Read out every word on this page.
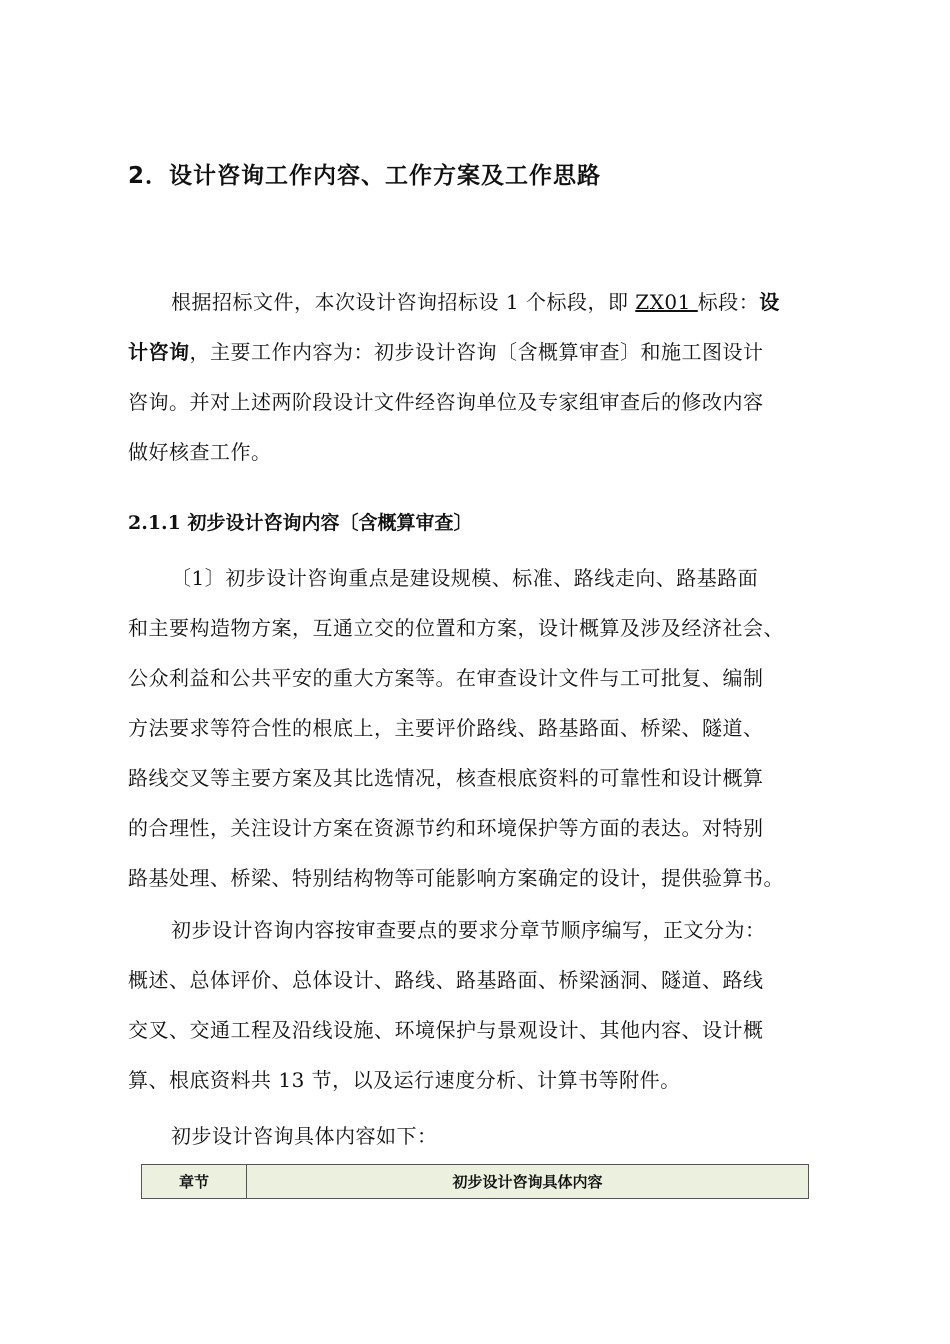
2．设计咨询工作内容、工作方案及工作思路
根据招标文件，本次设计咨询招标设 1 个标段，即 ZX01 标段：设
计咨询，主要工作内容为：初步设计咨询〔含概算审查〕和施工图设计
咨询。并对上述两阶段设计文件经咨询单位及专家组审查后的修改内容
做好核查工作。
2.1.1 初步设计咨询内容〔含概算审查〕
〔1〕初步设计咨询重点是建设规模、标准、路线走向、路基路面
和主要构造物方案，互通立交的位置和方案，设计概算及涉及经济社会、
公众利益和公共平安的重大方案等。在审查设计文件与工可批复、编制
方法要求等符合性的根底上，主要评价路线、路基路面、桥梁、隧道、
路线交叉等主要方案及其比选情况，核查根底资料的可靠性和设计概算
的合理性，关注设计方案在资源节约和环境保护等方面的表达。对特别
路基处理、桥梁、特别结构物等可能影响方案确定的设计，提供验算书。
初步设计咨询内容按审查要点的要求分章节顺序编写，正文分为：
概述、总体评价、总体设计、路线、路基路面、桥梁涵洞、隧道、路线
交叉、交通工程及沿线设施、环境保护与景观设计、其他内容、设计概
算、根底资料共 13 节，以及运行速度分析、计算书等附件。
初步设计咨询具体内容如下：
章节	初步设计咨询具体内容
